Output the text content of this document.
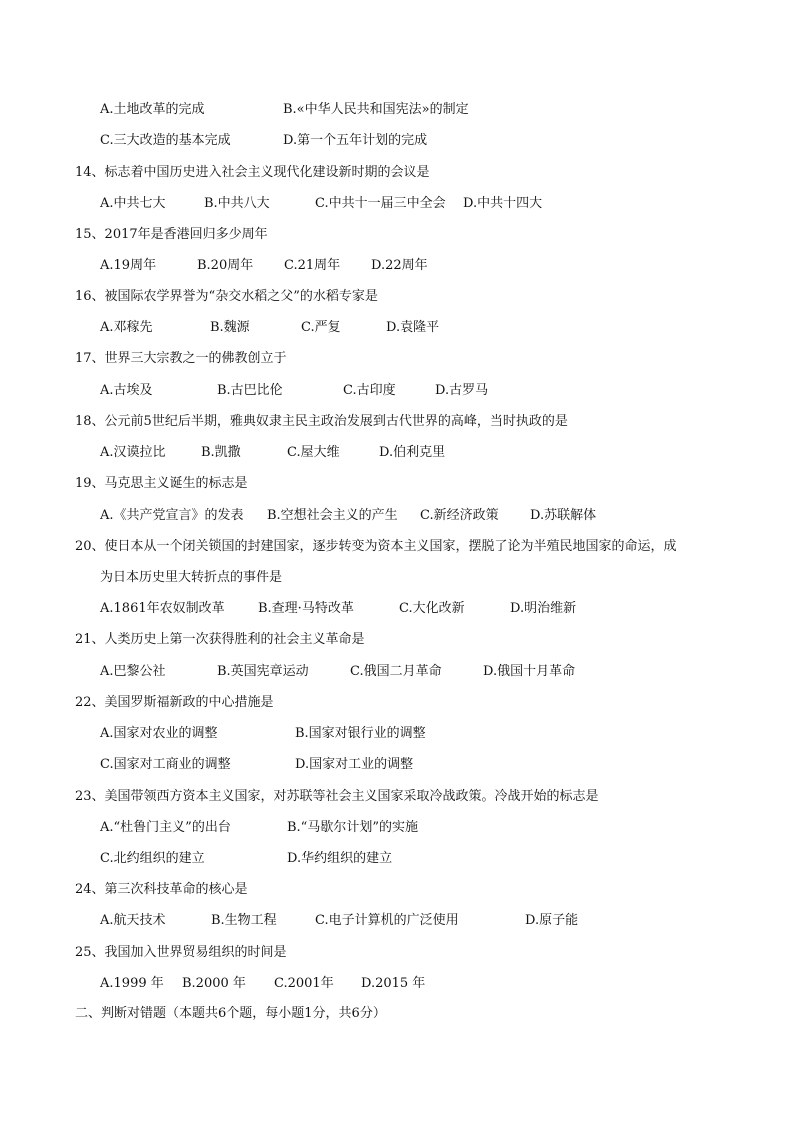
A.土地改革的完成	B.«中华人民共和国宪法»的制定
C.三大改造的基本完成	D.第一个五年计划的完成
14、标志着中国历史进入社会主义现代化建设新时期的会议是
A.中共七大	B.中共八大	C.中共十一届三中全会 D.中共十四大
15、2017年是香港回归多少周年
A.19周年	B.20周年 C.21周年 D.22周年
16、被国际农学界誉为“杂交水稻之父”的水稻专家是
A.邓稼先	B.魏源	C.严复	D.袁隆平
17、世界三大宗教之一的佛教创立于
A.古埃及	B.古巴比伦	C.古印度	D.古罗马
18、公元前5世纪后半期，雅典奴隶主民主政治发展到古代世界的高峰，当时执政的是
A.汉谟拉比	B.凯撒	C.屋大维	D.伯利克里
19、马克思主义诞生的标志是
A.《共产党宣言》的发表 B.空想社会主义的产生 C.新经济政策 D.苏联解体
20、使日本从一个闭关锁国的封建国家，逐步转变为资本主义国家，摆脱了论为半殖民地国家的命运，成
为日本历史里大转折点的事件是
A.1861年农奴制改革	B.查理·马特改革	C.大化改新	D.明治维新
21、人类历史上第一次获得胜利的社会主义革命是
A.巴黎公社	B.英国宪章运动	C.俄国二月革命	D.俄国十月革命
22、美国罗斯福新政的中心措施是
A.国家对农业的调整	B.国家对银行业的调整
C.国家对工商业的调整	D.国家对工业的调整
23、美国带领西方资本主义国家，对苏联等社会主义国家采取冷战政策。冷战开始的标志是
A.“杜鲁门主义”的出台	B.“马歇尔计划”的实施
C.北约组织的建立	D.华约组织的建立
24、第三次科技革命的核心是
A.航天技术	B.生物工程	C.电子计算机的广泛使用	D.原子能
25、我国加入世界贸易组织的时间是
A.1999 年 B.2000 年 C.2001年 D.2015 年
二、判断对错题（本题共6个题，每小题1分，共6分）
